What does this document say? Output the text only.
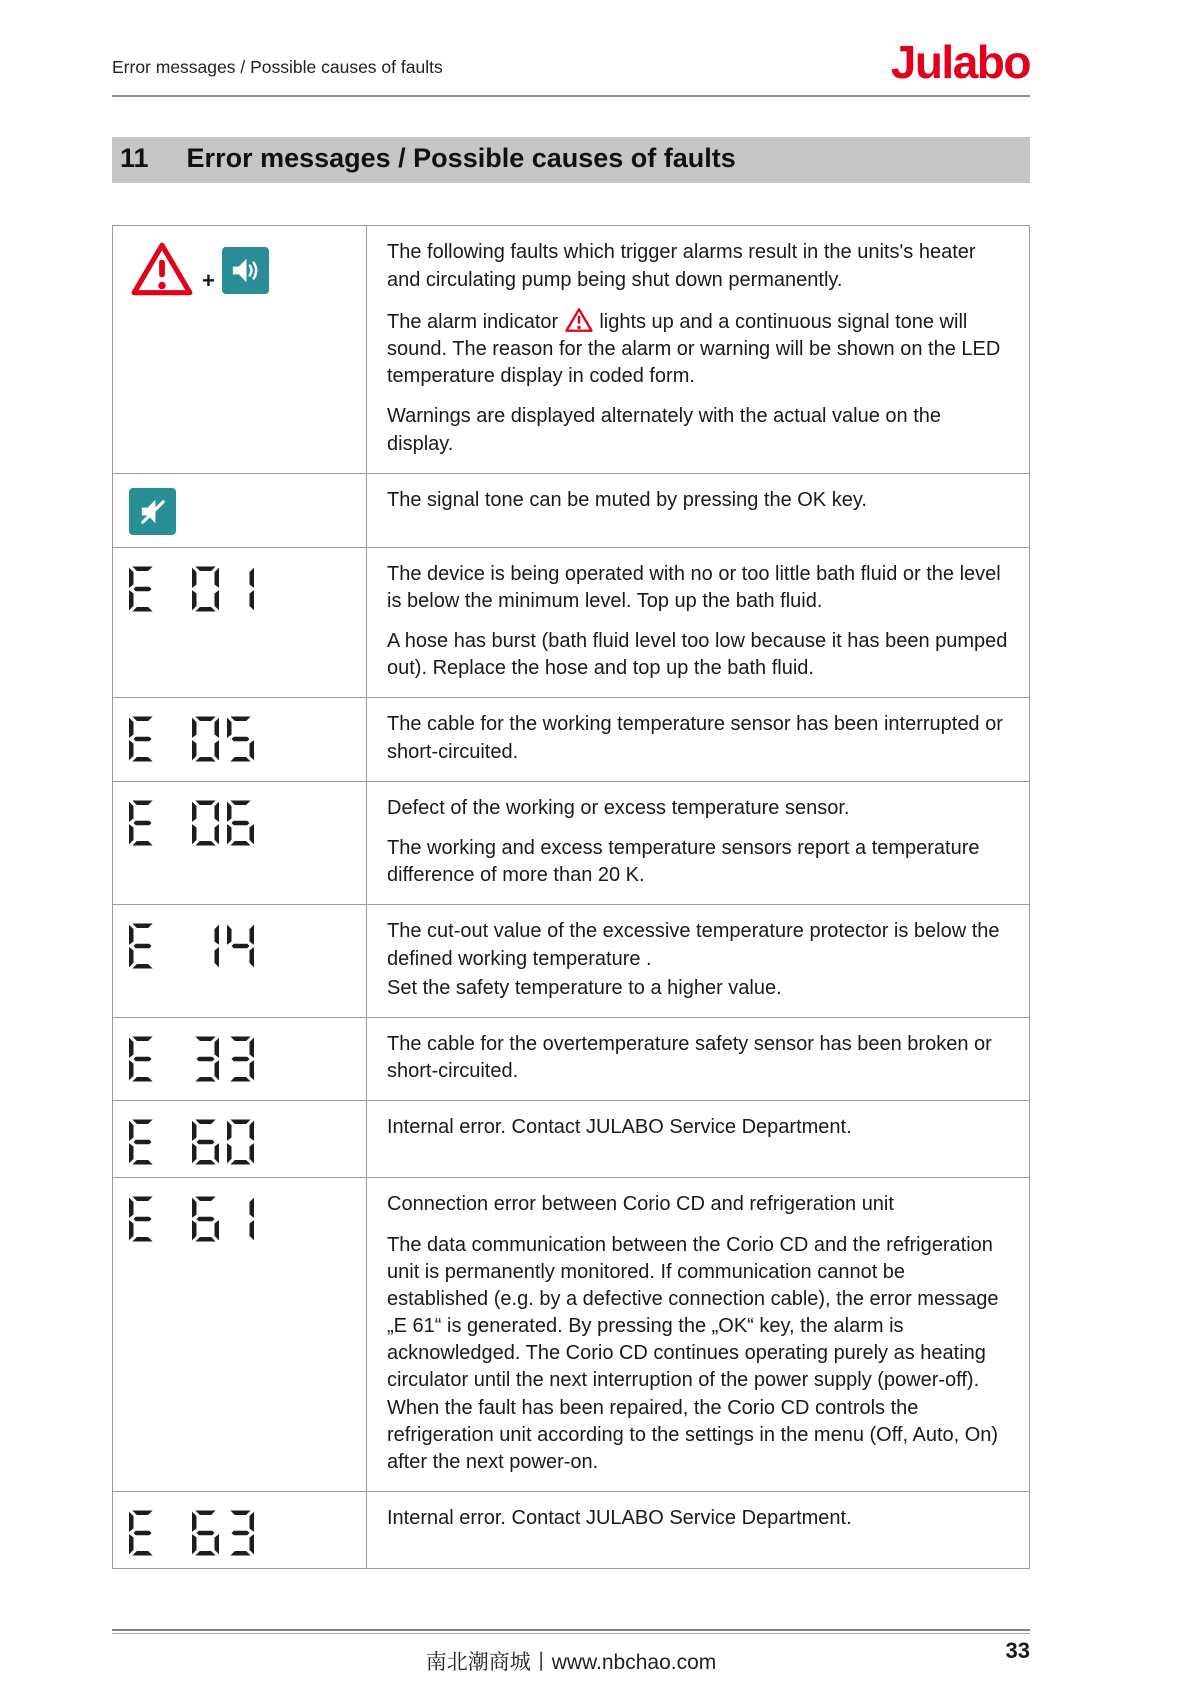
Error messages / Possible causes of faults	Julabo
11 Error messages / Possible causes of faults
+

The following faults which trigger alarms result in the units's heater and circulating pump being shut down permanently.

The alarm indicator lights up and a continuous signal tone will sound. The reason for the alarm or warning will be shown on the LED temperature display in coded form.

Warnings are displayed alternately with the actual value on the display.

The signal tone can be muted by pressing the OK key.

The device is being operated with no or too little bath fluid or the level is below the minimum level. Top up the bath fluid.

A hose has burst (bath fluid level too low because it has been pumped out). Replace the hose and top up the bath fluid.

The cable for the working temperature sensor has been interrupted or short-circuited.

Defect of the working or excess temperature sensor.

The working and excess temperature sensors report a temperature difference of more than 20 K.

The cut-out value of the excessive temperature protector is below the defined working temperature .

Set the safety temperature to a higher value.

The cable for the overtemperature safety sensor has been broken or short-circuited.

Internal error. Contact JULABO Service Department.

Connection error between Corio CD and refrigeration unit

The data communication between the Corio CD and the refrigeration unit is permanently monitored. If communication cannot be established (e.g. by a defective connection cable), the error message „E 61“ is generated. By pressing the „OK“ key, the alarm is acknowledged. The Corio CD continues operating purely as heating circulator until the next interruption of the power supply (power-off). When the fault has been repaired, the Corio CD controls the refrigeration unit according to the settings in the menu (Off, Auto, On) after the next power-on.

Internal error. Contact JULABO Service Department.

南北潮商城丨www.nbchao.com	33
